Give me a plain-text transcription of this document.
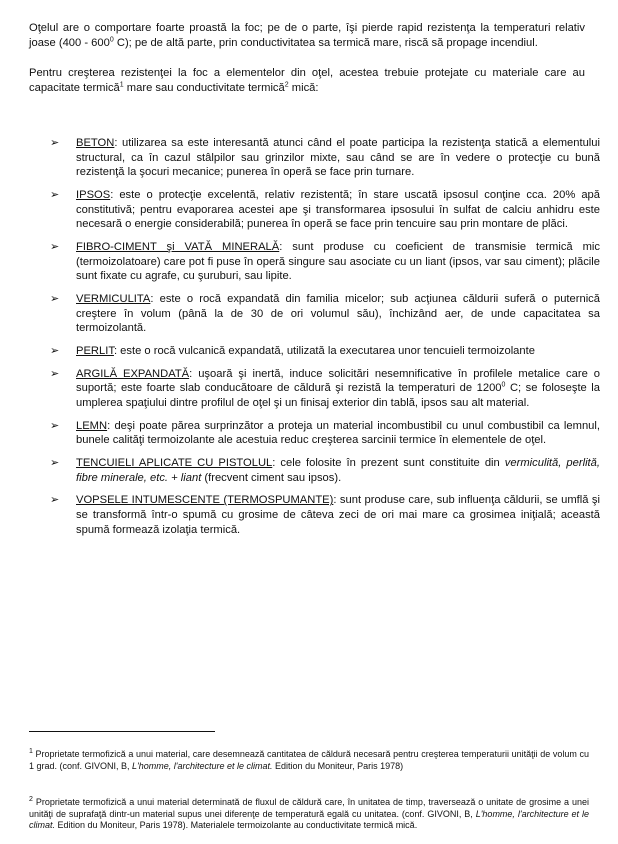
Oţelul are o comportare foarte proastă la foc; pe de o parte, îşi pierde rapid rezistenţa la temperaturi relativ joase ($400 - 600^0$ C); pe de altă parte, prin conductivitatea sa termică mare, riscă să propage incendiul.

Pentru creşterea rezistenţei la foc a elementelor din oţel, acestea trebuie protejate cu materiale care au capacitate termică$^1$ mare sau conductivitate termică$^2$ mică:

➢ BETON: utilizarea sa este interesantă atunci când el poate participa la rezistenţa statică a elementului structural, ca în cazul stâlpilor sau grinzilor mixte, sau când se are în vedere o protecţie cu bună rezistenţă la şocuri mecanice; punerea în operă se face prin turnare.
➢ IPSOS: este o protecţie excelentă, relativ rezistentă; în stare uscată ipsosul conţine cca. 20% apă constitutivă; pentru evaporarea acestei ape şi transformarea ipsosului în sulfat de calciu anhidru este necesară o energie considerabilă; punerea în operă se face prin tencuire sau prin montare de plăci.
➢ FIBRO-CIMENT şi VATĂ MINERALĂ: sunt produse cu coeficient de transmisie termică mic (termoizolatoare) care pot fi puse în operă singure sau asociate cu un liant (ipsos, var sau ciment); plăcile sunt fixate cu agrafe, cu şuruburi, sau lipite.
➢ VERMICULITA: este o rocă expandată din familia micelor; sub acţiunea căldurii suferă o puternică creştere în volum (până la de 30 de ori volumul său), închizând aer, de unde capacitatea sa termoizolantă.
➢ PERLIT: este o rocă vulcanică expandată, utilizată la executarea unor tencuieli termoizolante
➢ ARGILĂ EXPANDATĂ: uşoară şi inertă, induce solicitări nesemnificative în profilele metalice care o suportă; este foarte slab conducătoare de căldură şi rezistă la temperaturi de 1200$^0$ C; se foloseşte la umplerea spaţiului dintre profilul de oţel şi un finisaj exterior din tablă, ipsos sau alt material.
➢ LEMN: deşi poate părea surprinzător a proteja un material incombustibil cu unul combustibil ca lemnul, bunele calităţi termoizolante ale acestuia reduc creşterea sarcinii termice în elementele de oţel.
➢ TENCUIELI APLICATE CU PISTOLUL: cele folosite în prezent sunt constituite din vermiculită, perlită, fibre minerale, etc. + liant (frecvent ciment sau ipsos).
➢ VOPSELE INTUMESCENTE (TERMOSPUMANTE): sunt produse care, sub influenţa căldurii, se umflă şi se transformă într-o spumă cu grosime de câteva zeci de ori mai mare ca grosimea iniţială; această spumă formează izolaţia termică.

$^1$ Proprietate termofizică a unui material, care desemnează cantitatea de căldură necesară pentru creşterea temperaturii unităţii de volum cu 1 grad. (conf. GIVONI, B, L'homme, l'architecture et le climat. Edition du Moniteur, Paris 1978)

$^2$ Proprietate termofizică a unui material determinată de fluxul de căldură care, în unitatea de timp, traversează o unitate de grosime a unei unităţi de suprafaţă dintr-un material supus unei diferenţe de temperatură egală cu unitatea. (conf. GIVONI, B, L'homme, l'architecture et le climat. Edition du Moniteur, Paris 1978). Materialele termoizolante au conductivitate termică mică.
